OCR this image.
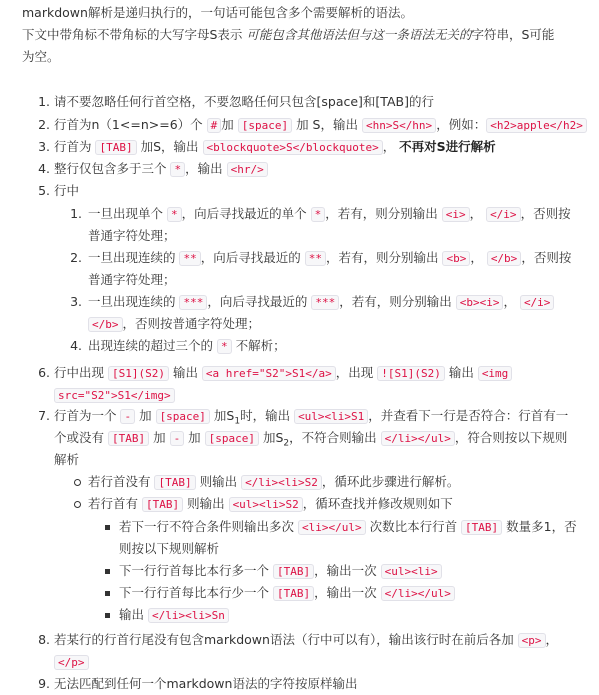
markdown解析是递归执行的，一句话可能包含多个需要解析的语法。
下文中带角标不带角标的大写字母S表示 可能包含其他语法但与这一条语法无关的字符串，S可能
为空。
1. 请不要忽略任何行首空格，不要忽略任何只包含[space]和[TAB]的行
2. 行首为n（1<=n>=6）个 # 加 [space] 加 S，输出 <hn>S</hn> ，例如： <h2>apple</h2>
3. 行首为 [TAB] 加S，输出 <blockquote>S</blockquote> ， 不再对S进行解析
4. 整行仅包含多于三个 * ，输出 <hr/>
5. 行中
1. 一旦出现单个 * ，向后寻找最近的单个 * ，若有，则分别输出 <i> ， </i> ，否则按
普通字符处理；
2. 一旦出现连续的 ** ，向后寻找最近的 ** ，若有，则分别输出 <b> ， </b> ，否则按
普通字符处理；
3. 一旦出现连续的 *** ，向后寻找最近的 *** ，若有，则分别输出 <b><i> ， </i>
</b> ，否则按普通字符处理；
4. 出现连续的超过三个的 * 不解析；
6. 行中出现 [S1](S2) 输出 <a href="S2">S1</a> ，出现 ![S1](S2) 输出 <img
src="S2">S1</img>
7. 行首为一个 - 加 [space] 加$S_1$时，输出 <ul><li>S1 ，并查看下一行是否符合：行首有一
个或没有 [TAB] 加 - 加 [space] 加$S_2$，不符合则输出 </li></ul> ，符合则按以下规则
解析
若行首没有 [TAB] 则输出 </li><li>S2 ，循环此步骤进行解析。
若行首有 [TAB] 则输出 <ul><li>S2 ，循环查找并修改规则如下
若下一行不符合条件则输出多次 <li></ul> 次数比本行行首 [TAB] 数量多1，否
则按以下规则解析
下一行行首每比本行多一个 [TAB] ，输出一次 <ul><li>
下一行行首每比本行少一个 [TAB] ，输出一次 </li></ul>
输出 </li><li>Sn
8. 若某行的行首行尾没有包含markdown语法（行中可以有），输出该行时在前后各加 <p> ，
</p>
9. 无法匹配到任何一个markdown语法的字符按原样输出
